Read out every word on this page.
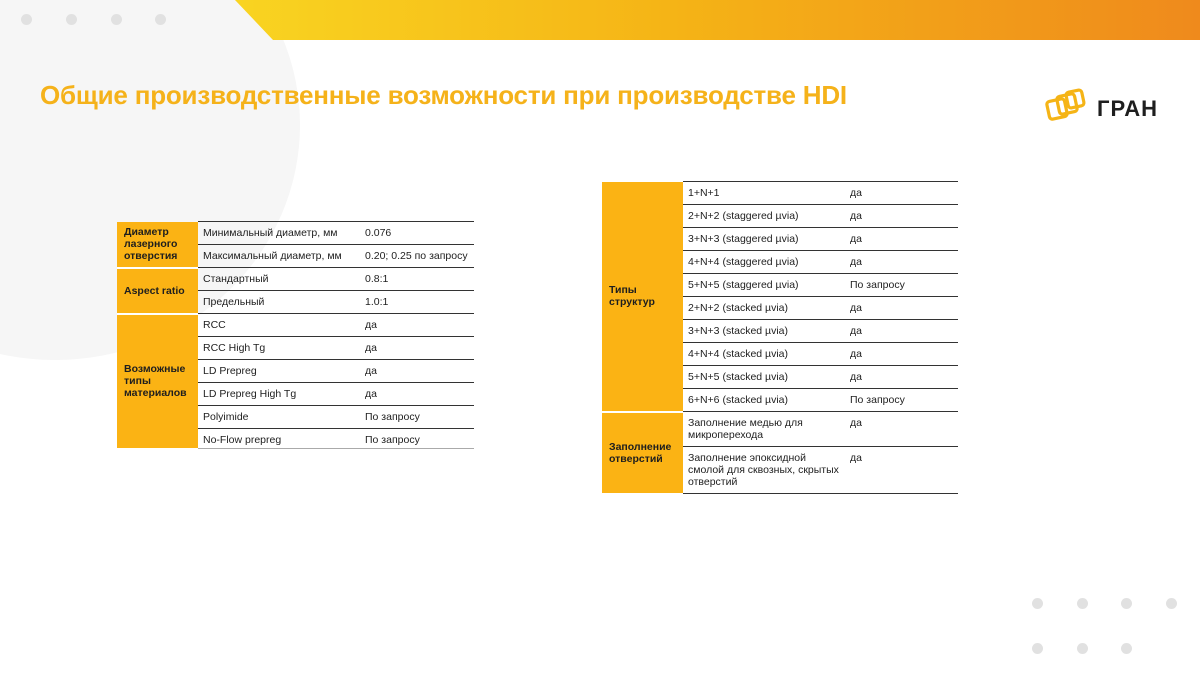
Общие производственные возможности при производстве HDI	ГРАН
Диаметр лазерного отверстия	Минимальный диаметр, мм	0.076
	Максимальный диаметр, мм	0.20; 0.25 по запросу
Aspect ratio	Стандартный	0.8:1
	Предельный	1.0:1
Возможные типы материалов	RCC	да
	RCC High Tg	да
	LD Prepreg	да
	LD Prepreg High Tg	да
	Polyimide	По запросу
	No-Flow prepreg	По запросу
Типы структур	1+N+1	да
	2+N+2 (staggered µvia)	да
	3+N+3 (staggered µvia)	да
	4+N+4 (staggered µvia)	да
	5+N+5 (staggered µvia)	По запросу
	2+N+2 (stacked µvia)	да
	3+N+3 (stacked µvia)	да
	4+N+4 (stacked µvia)	да
	5+N+5 (stacked µvia)	да
	6+N+6 (stacked µvia)	По запросу
Заполнение отверстий	Заполнение медью для микроперехода	да
	Заполнение эпоксидной смолой для сквозных, скрытых отверстий	да
